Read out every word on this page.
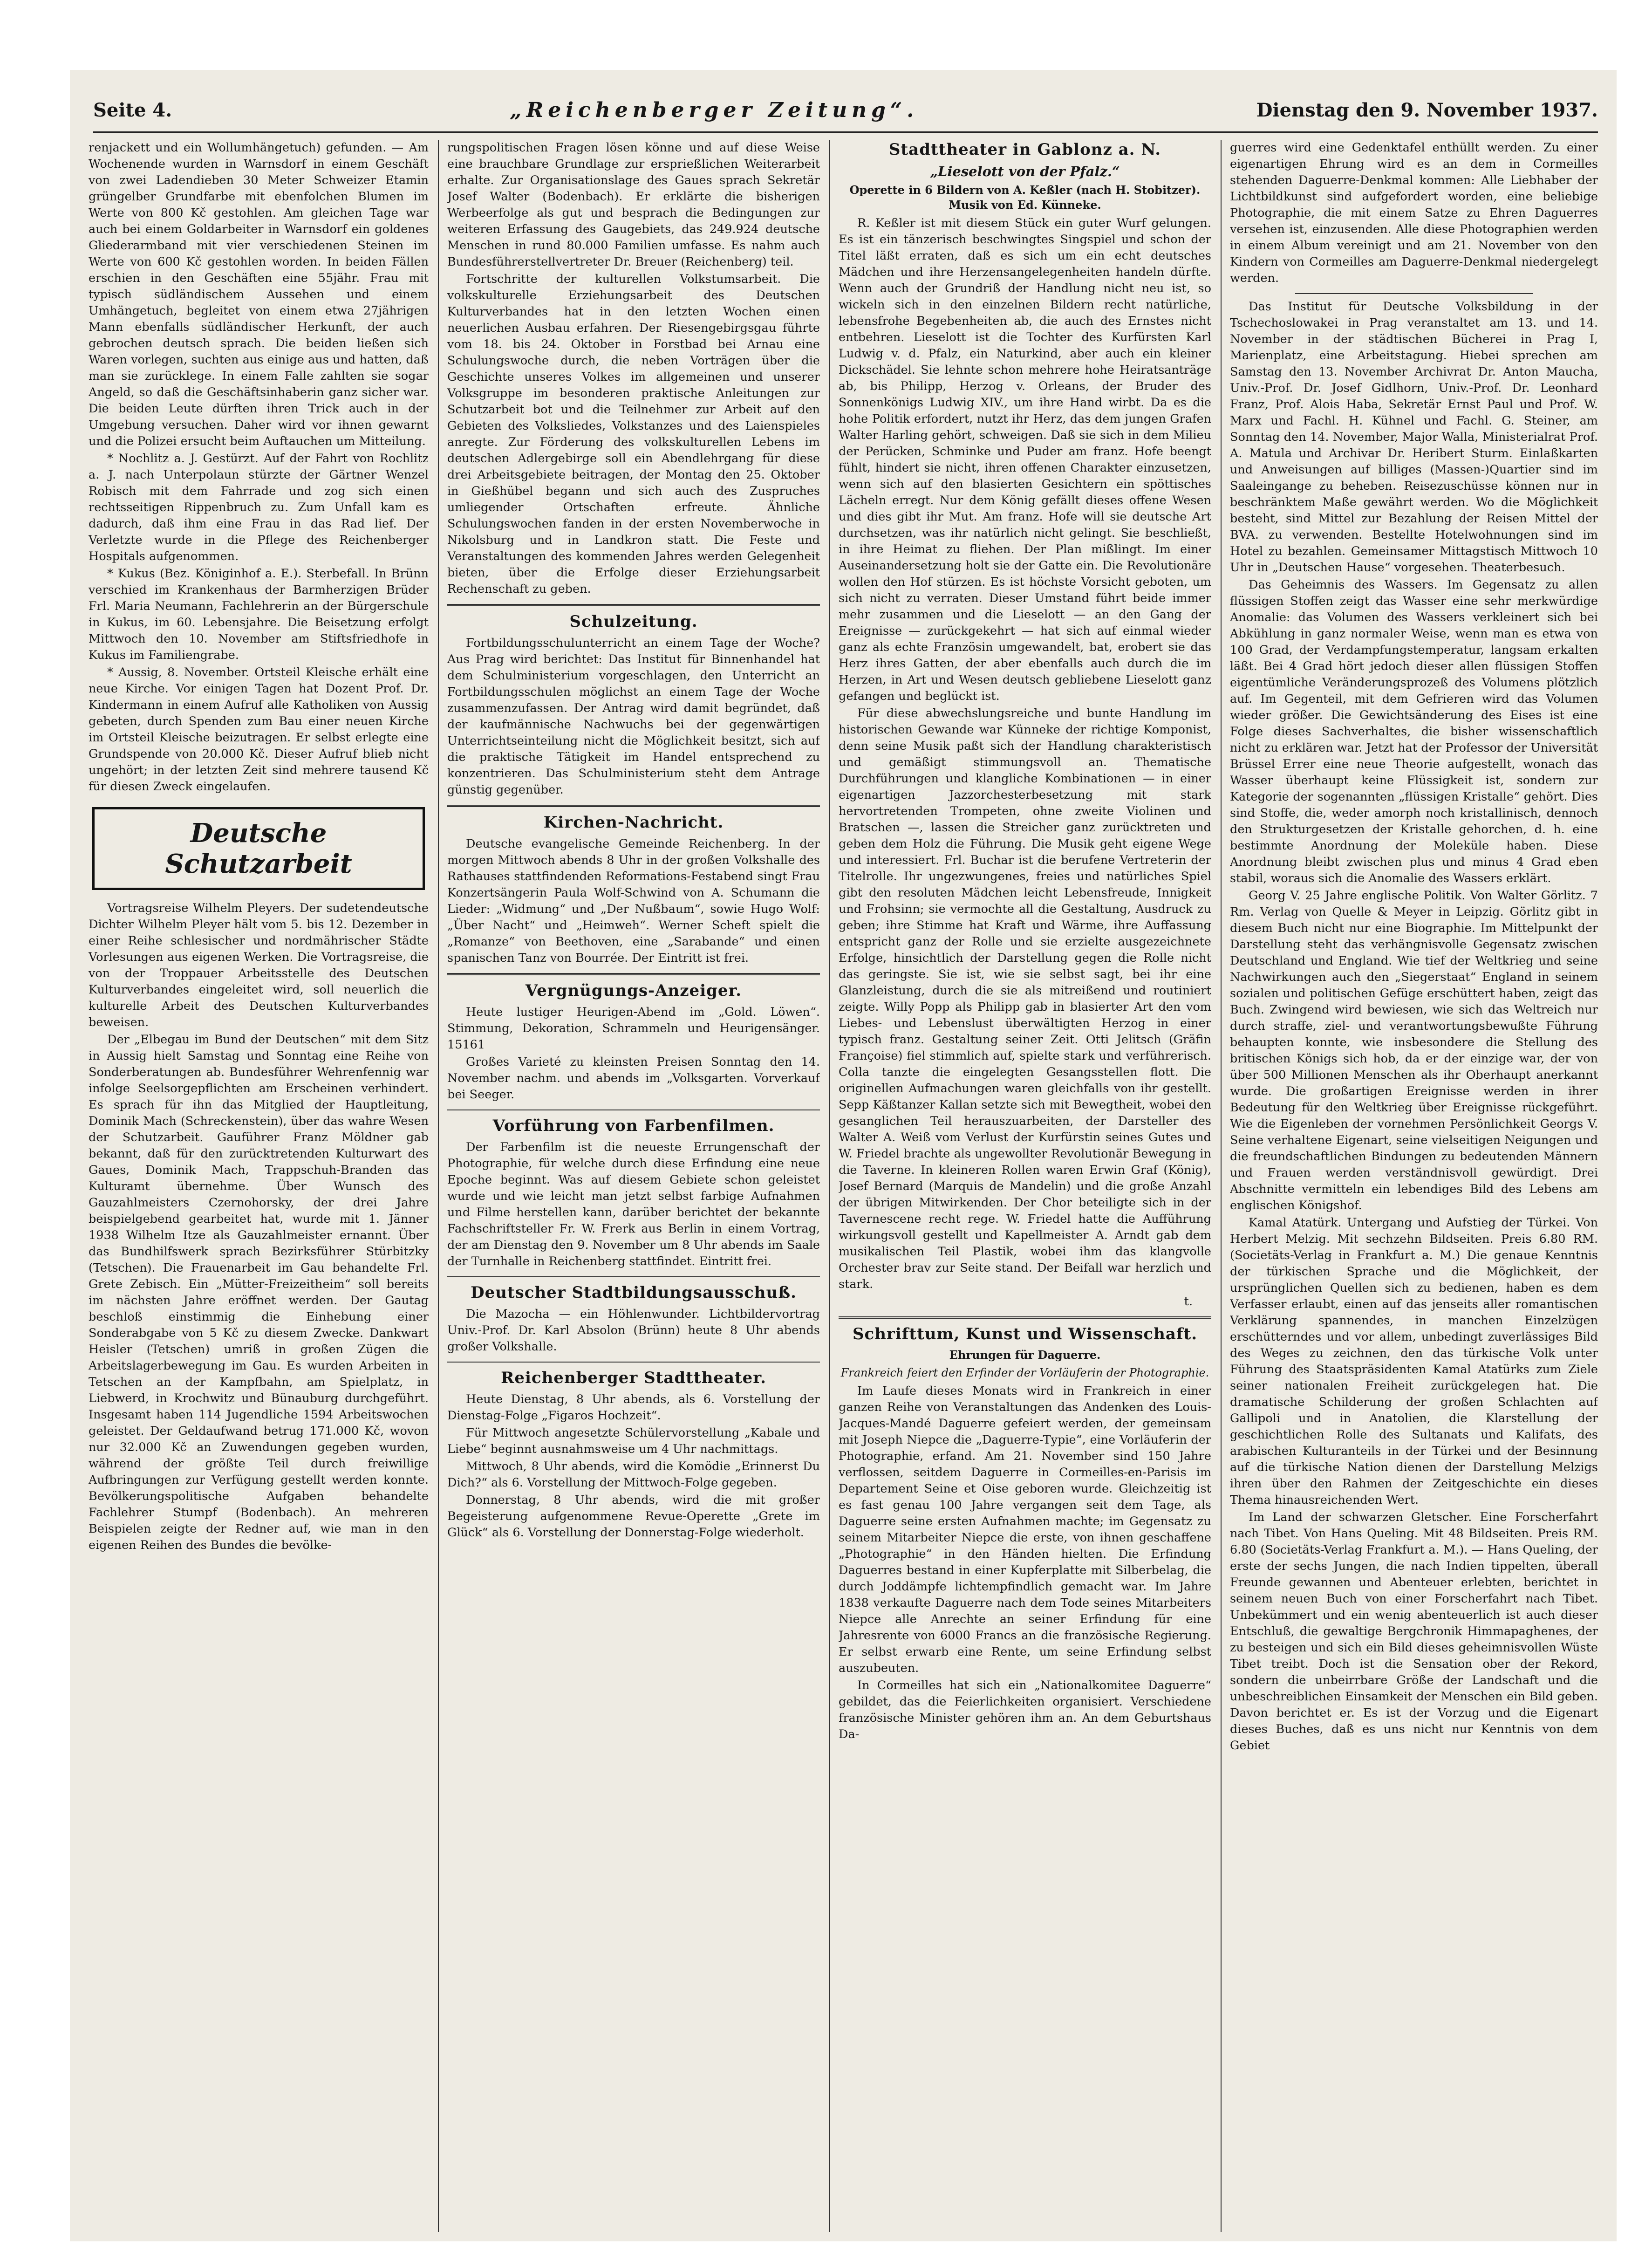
Seite 4.	„Reichenberger Zeitung“.	Dienstag den 9. November 1937.

renjackett und ein Wollumhängetuch) gefunden. — Am Wochenende wurden in Warnsdorf in einem Geschäft von zwei Ladendieben 30 Meter Schweizer Etamin grüngelber Grundfarbe mit ebenfolchen Blumen im Werte von 800 Kč gestohlen. Am gleichen Tage war auch bei einem Goldarbeiter in Warnsdorf ein goldenes Gliederarmband mit vier verschiedenen Steinen im Werte von 600 Kč gestohlen worden. In beiden Fällen erschien in den Geschäften eine 55jähr. Frau mit typisch südländischem Aussehen und einem Umhängetuch, begleitet von einem etwa 27jährigen Mann ebenfalls südländischer Herkunft, der auch gebrochen deutsch sprach. Die beiden ließen sich Waren vorlegen, suchten aus einige aus und hatten, daß man sie zurücklege. In einem Falle zahlten sie sogar Angeld, so daß die Geschäftsinhaberin ganz sicher war. Die beiden Leute dürften ihren Trick auch in der Umgebung versuchen. Daher wird vor ihnen gewarnt und die Polizei ersucht beim Auftauchen um Mitteilung.

* Nochlitz a. J. Gestürzt. Auf der Fahrt von Rochlitz a. J. nach Unterpolaun stürzte der Gärtner Wenzel Robisch mit dem Fahrrade und zog sich einen rechtsseitigen Rippenbruch zu. Zum Unfall kam es dadurch, daß ihm eine Frau in das Rad lief. Der Verletzte wurde in die Pflege des Reichenberger Hospitals aufgenommen.

* Kukus (Bez. Königinhof a. E.). Sterbefall. In Brünn verschied im Krankenhaus der Barmherzigen Brüder Frl. Maria Neumann, Fachlehrerin an der Bürgerschule in Kukus, im 60. Lebensjahre. Die Beisetzung erfolgt Mittwoch den 10. November am Stiftsfriedhofe in Kukus im Familiengrabe.

* Aussig, 8. November. Ortsteil Kleische erhält eine neue Kirche. Vor einigen Tagen hat Dozent Prof. Dr. Kindermann in einem Aufruf alle Katholiken von Aussig gebeten, durch Spenden zum Bau einer neuen Kirche im Ortsteil Kleische beizutragen. Er selbst erlegte eine Grundspende von 20.000 Kč. Dieser Aufruf blieb nicht ungehört; in der letzten Zeit sind mehrere tausend Kč für diesen Zweck eingelaufen.

Deutsche Schutzarbeit

Vortragsreise Wilhelm Pleyers. Der sudetendeutsche Dichter Wilhelm Pleyer hält vom 5. bis 12. Dezember in einer Reihe schlesischer und nordmährischer Städte Vorlesungen aus eigenen Werken. Die Vortragsreise, die von der Troppauer Arbeitsstelle des Deutschen Kulturverbandes eingeleitet wird, soll neuerlich die kulturelle Arbeit des Deutschen Kulturverbandes beweisen.

Der „Elbegau im Bund der Deutschen“ mit dem Sitz in Aussig hielt Samstag und Sonntag eine Reihe von Sonderberatungen ab. Bundesführer Wehrenfennig war infolge Seelsorgepflichten am Erscheinen verhindert. Es sprach für ihn das Mitglied der Hauptleitung, Dominik Mach (Schreckenstein), über das wahre Wesen der Schutzarbeit. Gauführer Franz Möldner gab bekannt, daß für den zurücktretenden Kulturwart des Gaues, Dominik Mach, Trappschuh-Branden das Kulturamt übernehme. Über Wunsch des Gauzahlmeisters Czernohorsky, der drei Jahre beispielgebend gearbeitet hat, wurde mit 1. Jänner 1938 Wilhelm Itze als Gauzahlmeister ernannt. Über das Bundhilfswerk sprach Bezirksführer Stürbitzky (Tetschen). Die Frauenarbeit im Gau behandelte Frl. Grete Zebisch. Ein „Mütter-Freizeitheim“ soll bereits im nächsten Jahre eröffnet werden. Der Gautag beschloß einstimmig die Einhebung einer Sonderabgabe von 5 Kč zu diesem Zwecke. Dankwart Heisler (Tetschen) umriß in großen Zügen die Arbeitslagerbewegung im Gau. Es wurden Arbeiten in Tetschen an der Kampfbahn, am Spielplatz, in Liebwerd, in Krochwitz und Bünauburg durchgeführt. Insgesamt haben 114 Jugendliche 1594 Arbeitswochen geleistet. Der Geldaufwand betrug 171.000 Kč, wovon nur 32.000 Kč an Zuwendungen gegeben wurden, während der größte Teil durch freiwillige Aufbringungen zur Verfügung gestellt werden konnte. Bevölkerungspolitische Aufgaben behandelte Fachlehrer Stumpf (Bodenbach). An mehreren Beispielen zeigte der Redner auf, wie man in den eigenen Reihen des Bundes die bevölke-

rungspolitischen Fragen lösen könne und auf diese Weise eine brauchbare Grundlage zur ersprießlichen Weiterarbeit erhalte. Zur Organisationslage des Gaues sprach Sekretär Josef Walter (Bodenbach). Er erklärte die bisherigen Werbeerfolge als gut und besprach die Bedingungen zur weiteren Erfassung des Gaugebiets, das 249.924 deutsche Menschen in rund 80.000 Familien umfasse. Es nahm auch Bundesführerstellvertreter Dr. Breuer (Reichenberg) teil.

Fortschritte der kulturellen Volkstumsarbeit. Die volkskulturelle Erziehungsarbeit des Deutschen Kulturverbandes hat in den letzten Wochen einen neuerlichen Ausbau erfahren. Der Riesengebirgsgau führte vom 18. bis 24. Oktober in Forstbad bei Arnau eine Schulungswoche durch, die neben Vorträgen über die Geschichte unseres Volkes im allgemeinen und unserer Volksgruppe im besonderen praktische Anleitungen zur Schutzarbeit bot und die Teilnehmer zur Arbeit auf den Gebieten des Volksliedes, Volkstanzes und des Laienspieles anregte. Zur Förderung des volkskulturellen Lebens im deutschen Adlergebirge soll ein Abendlehrgang für diese drei Arbeitsgebiete beitragen, der Montag den 25. Oktober in Gießhübel begann und sich auch des Zuspruches umliegender Ortschaften erfreute. Ähnliche Schulungswochen fanden in der ersten Novemberwoche in Nikolsburg und in Landkron statt. Die Feste und Veranstaltungen des kommenden Jahres werden Gelegenheit bieten, über die Erfolge dieser Erziehungsarbeit Rechenschaft zu geben.

Schulzeitung.

Fortbildungsschulunterricht an einem Tage der Woche? Aus Prag wird berichtet: Das Institut für Binnenhandel hat dem Schulministerium vorgeschlagen, den Unterricht an Fortbildungsschulen möglichst an einem Tage der Woche zusammenzufassen. Der Antrag wird damit begründet, daß der kaufmännische Nachwuchs bei der gegenwärtigen Unterrichtseinteilung nicht die Möglichkeit besitzt, sich auf die praktische Tätigkeit im Handel entsprechend zu konzentrieren. Das Schulministerium steht dem Antrage günstig gegenüber.

Kirchen-Nachricht.

Deutsche evangelische Gemeinde Reichenberg. In der morgen Mittwoch abends 8 Uhr in der großen Volkshalle des Rathauses stattfindenden Reformations-Festabend singt Frau Konzertsängerin Paula Wolf-Schwind von A. Schumann die Lieder: „Widmung“ und „Der Nußbaum“, sowie Hugo Wolf: „Über Nacht“ und „Heimweh“. Werner Scheft spielt die „Romanze“ von Beethoven, eine „Sarabande“ und einen spanischen Tanz von Bourrée. Der Eintritt ist frei.

Vergnügungs-Anzeiger.

Heute lustiger Heurigen-Abend im „Gold. Löwen“. Stimmung, Dekoration, Schrammeln und Heurigensänger. 15161

Großes Varieté zu kleinsten Preisen Sonntag den 14. November nachm. und abends im „Volksgarten. Vorverkauf bei Seeger.

Vorführung von Farbenfilmen.

Der Farbenfilm ist die neueste Errungenschaft der Photographie, für welche durch diese Erfindung eine neue Epoche beginnt. Was auf diesem Gebiete schon geleistet wurde und wie leicht man jetzt selbst farbige Aufnahmen und Filme herstellen kann, darüber berichtet der bekannte Fachschriftsteller Fr. W. Frerk aus Berlin in einem Vortrag, der am Dienstag den 9. November um 8 Uhr abends im Saale der Turnhalle in Reichenberg stattfindet. Eintritt frei.

Deutscher Stadtbildungsausschuß.

Die Mazocha — ein Höhlenwunder. Lichtbildervortrag Univ.-Prof. Dr. Karl Absolon (Brünn) heute 8 Uhr abends großer Volkshalle.

Reichenberger Stadttheater.

Heute Dienstag, 8 Uhr abends, als 6. Vorstellung der Dienstag-Folge „Figaros Hochzeit“.

Für Mittwoch angesetzte Schülervorstellung „Kabale und Liebe“ beginnt ausnahmsweise um 4 Uhr nachmittags.

Mittwoch, 8 Uhr abends, wird die Komödie „Erinnerst Du Dich?“ als 6. Vorstellung der Mittwoch-Folge gegeben.

Donnerstag, 8 Uhr abends, wird die mit großer Begeisterung aufgenommene Revue-Operette „Grete im Glück“ als 6. Vorstellung der Donnerstag-Folge wiederholt.

Stadttheater in Gablonz a. N.
„Lieselott von der Pfalz.“
Operette in 6 Bildern von A. Keßler (nach H. Stobitzer). Musik von Ed. Künneke.

R. Keßler ist mit diesem Stück ein guter Wurf gelungen. Es ist ein tänzerisch beschwingtes Singspiel und schon der Titel läßt erraten, daß es sich um ein echt deutsches Mädchen und ihre Herzensangelegenheiten handeln dürfte. Wenn auch der Grundriß der Handlung nicht neu ist, so wickeln sich in den einzelnen Bildern recht natürliche, lebensfrohe Begebenheiten ab, die auch des Ernstes nicht entbehren. Lieselott ist die Tochter des Kurfürsten Karl Ludwig v. d. Pfalz, ein Naturkind, aber auch ein kleiner Dickschädel. Sie lehnte schon mehrere hohe Heiratsanträge ab, bis Philipp, Herzog v. Orleans, der Bruder des Sonnenkönigs Ludwig XIV., um ihre Hand wirbt. Da es die hohe Politik erfordert, nutzt ihr Herz, das dem jungen Grafen Walter Harling gehört, schweigen. Daß sie sich in dem Milieu der Perücken, Schminke und Puder am franz. Hofe beengt fühlt, hindert sie nicht, ihren offenen Charakter einzusetzen, wenn sich auf den blasierten Gesichtern ein spöttisches Lächeln erregt. Nur dem König gefällt dieses offene Wesen und dies gibt ihr Mut. Am franz. Hofe will sie deutsche Art durchsetzen, was ihr natürlich nicht gelingt. Sie beschließt, in ihre Heimat zu fliehen. Der Plan mißlingt. Im einer Auseinandersetzung holt sie der Gatte ein. Die Revolutionäre wollen den Hof stürzen. Es ist höchste Vorsicht geboten, um sich nicht zu verraten. Dieser Umstand führt beide immer mehr zusammen und die Lieselott — an den Gang der Ereignisse — zurückgekehrt — hat sich auf einmal wieder ganz als echte Französin umgewandelt, bat, erobert sie das Herz ihres Gatten, der aber ebenfalls auch durch die im Herzen, in Art und Wesen deutsch gebliebene Lieselott ganz gefangen und beglückt ist.

Für diese abwechslungsreiche und bunte Handlung im historischen Gewande war Künneke der richtige Komponist, denn seine Musik paßt sich der Handlung charakteristisch und gemäßigt stimmungsvoll an. Thematische Durchführungen und klangliche Kombinationen — in einer eigenartigen Jazzorchesterbesetzung mit stark hervortretenden Trompeten, ohne zweite Violinen und Bratschen —, lassen die Streicher ganz zurücktreten und geben dem Holz die Führung. Die Musik geht eigene Wege und interessiert. Frl. Buchar ist die berufene Vertreterin der Titelrolle. Ihr ungezwungenes, freies und natürliches Spiel gibt den resoluten Mädchen leicht Lebensfreude, Innigkeit und Frohsinn; sie vermochte all die Gestaltung, Ausdruck zu geben; ihre Stimme hat Kraft und Wärme, ihre Auffassung entspricht ganz der Rolle und sie erzielte ausgezeichnete Erfolge, hinsichtlich der Darstellung gegen die Rolle nicht das geringste. Sie ist, wie sie selbst sagt, bei ihr eine Glanzleistung, durch die sie als mitreißend und routiniert zeigte. Willy Popp als Philipp gab in blasierter Art den vom Liebes- und Lebenslust überwältigten Herzog in einer typisch franz. Gestaltung seiner Zeit. Otti Jelitsch (Gräfin Françoise) fiel stimmlich auf, spielte stark und verführerisch. Colla tanzte die eingelegten Gesangsstellen flott. Die originellen Aufmachungen waren gleichfalls von ihr gestellt. Sepp Käßtanzer Kallan setzte sich mit Bewegtheit, wobei den gesanglichen Teil herauszuarbeiten, der Darsteller des Walter A. Weiß vom Verlust der Kurfürstin seines Gutes und W. Friedel brachte als ungewollter Revolutionär Bewegung in die Taverne. In kleineren Rollen waren Erwin Graf (König), Josef Bernard (Marquis de Mandelin) und die große Anzahl der übrigen Mitwirkenden. Der Chor beteiligte sich in der Tavernescene recht rege. W. Friedel hatte die Aufführung wirkungsvoll gestellt und Kapellmeister A. Arndt gab dem musikalischen Teil Plastik, wobei ihm das klangvolle Orchester brav zur Seite stand. Der Beifall war herzlich und stark.

t.
Schrifttum, Kunst und Wissenschaft.
Ehrungen für Daguerre.
Frankreich feiert den Erfinder der Vorläuferin der Photographie.

Im Laufe dieses Monats wird in Frankreich in einer ganzen Reihe von Veranstaltungen das Andenken des Louis-Jacques-Mandé Daguerre gefeiert werden, der gemeinsam mit Joseph Niepce die „Daguerre-Typie“, eine Vorläuferin der Photographie, erfand. Am 21. November sind 150 Jahre verflossen, seitdem Daguerre in Cormeilles-en-Parisis im Departement Seine et Oise geboren wurde. Gleichzeitig ist es fast genau 100 Jahre vergangen seit dem Tage, als Daguerre seine ersten Aufnahmen machte; im Gegensatz zu seinem Mitarbeiter Niepce die erste, von ihnen geschaffene „Photographie“ in den Händen hielten. Die Erfindung Daguerres bestand in einer Kupferplatte mit Silberbelag, die durch Joddämpfe lichtempfindlich gemacht war. Im Jahre 1838 verkaufte Daguerre nach dem Tode seines Mitarbeiters Niepce alle Anrechte an seiner Erfindung für eine Jahresrente von 6000 Francs an die französische Regierung. Er selbst erwarb eine Rente, um seine Erfindung selbst auszubeuten.

In Cormeilles hat sich ein „Nationalkomitee Daguerre“ gebildet, das die Feierlichkeiten organisiert. Verschiedene französische Minister gehören ihm an. An dem Geburtshaus Da-

guerres wird eine Gedenktafel enthüllt werden. Zu einer eigenartigen Ehrung wird es an dem in Cormeilles stehenden Daguerre-Denkmal kommen: Alle Liebhaber der Lichtbildkunst sind aufgefordert worden, eine beliebige Photographie, die mit einem Satze zu Ehren Daguerres versehen ist, einzusenden. Alle diese Photographien werden in einem Album vereinigt und am 21. November von den Kindern von Cormeilles am Daguerre-Denkmal niedergelegt werden.

Das Institut für Deutsche Volksbildung in der Tschechoslowakei in Prag veranstaltet am 13. und 14. November in der städtischen Bücherei in Prag I, Marienplatz, eine Arbeitstagung. Hiebei sprechen am Samstag den 13. November Archivrat Dr. Anton Maucha, Univ.-Prof. Dr. Josef Gidlhorn, Univ.-Prof. Dr. Leonhard Franz, Prof. Alois Haba, Sekretär Ernst Paul und Prof. W. Marx und Fachl. H. Kühnel und Fachl. G. Steiner, am Sonntag den 14. November, Major Walla, Ministerialrat Prof. A. Matula und Archivar Dr. Heribert Sturm. Einlaßkarten und Anweisungen auf billiges (Massen-)Quartier sind im Saaleingange zu beheben. Reisezuschüsse können nur in beschränktem Maße gewährt werden. Wo die Möglichkeit besteht, sind Mittel zur Bezahlung der Reisen Mittel der BVA. zu verwenden. Bestellte Hotelwohnungen sind im Hotel zu bezahlen. Gemeinsamer Mittagstisch Mittwoch 10 Uhr in „Deutschen Hause“ vorgesehen. Theaterbesuch.

Das Geheimnis des Wassers. Im Gegensatz zu allen flüssigen Stoffen zeigt das Wasser eine sehr merkwürdige Anomalie: das Volumen des Wassers verkleinert sich bei Abkühlung in ganz normaler Weise, wenn man es etwa von 100 Grad, der Verdampfungstemperatur, langsam erkalten läßt. Bei 4 Grad hört jedoch dieser allen flüssigen Stoffen eigentümliche Veränderungsprozeß des Volumens plötzlich auf. Im Gegenteil, mit dem Gefrieren wird das Volumen wieder größer. Die Gewichtsänderung des Eises ist eine Folge dieses Sachverhaltes, die bisher wissenschaftlich nicht zu erklären war. Jetzt hat der Professor der Universität Brüssel Errer eine neue Theorie aufgestellt, wonach das Wasser überhaupt keine Flüssigkeit ist, sondern zur Kategorie der sogenannten „flüssigen Kristalle“ gehört. Dies sind Stoffe, die, weder amorph noch kristallinisch, dennoch den Strukturgesetzen der Kristalle gehorchen, d. h. eine bestimmte Anordnung der Moleküle haben. Diese Anordnung bleibt zwischen plus und minus 4 Grad eben stabil, woraus sich die Anomalie des Wassers erklärt.

Georg V. 25 Jahre englische Politik. Von Walter Görlitz. 7 Rm. Verlag von Quelle & Meyer in Leipzig. Görlitz gibt in diesem Buch nicht nur eine Biographie. Im Mittelpunkt der Darstellung steht das verhängnisvolle Gegensatz zwischen Deutschland und England. Wie tief der Weltkrieg und seine Nachwirkungen auch den „Siegerstaat“ England in seinem sozialen und politischen Gefüge erschüttert haben, zeigt das Buch. Zwingend wird bewiesen, wie sich das Weltreich nur durch straffe, ziel- und verantwortungsbewußte Führung behaupten konnte, wie insbesondere die Stellung des britischen Königs sich hob, da er der einzige war, der von über 500 Millionen Menschen als ihr Oberhaupt anerkannt wurde. Die großartigen Ereignisse werden in ihrer Bedeutung für den Weltkrieg über Ereignisse rückgeführt. Wie die Eigenleben der vornehmen Persönlichkeit Georgs V. Seine verhaltene Eigenart, seine vielseitigen Neigungen und die freundschaftlichen Bindungen zu bedeutenden Männern und Frauen werden verständnisvoll gewürdigt. Drei Abschnitte vermitteln ein lebendiges Bild des Lebens am englischen Königshof.

Kamal Atatürk. Untergang und Aufstieg der Türkei. Von Herbert Melzig. Mit sechzehn Bildseiten. Preis 6.80 RM. (Societäts-Verlag in Frankfurt a. M.) Die genaue Kenntnis der türkischen Sprache und die Möglichkeit, der ursprünglichen Quellen sich zu bedienen, haben es dem Verfasser erlaubt, einen auf das jenseits aller romantischen Verklärung spannendes, in manchen Einzelzügen erschütterndes und vor allem, unbedingt zuverlässiges Bild des Weges zu zeichnen, den das türkische Volk unter Führung des Staatspräsidenten Kamal Atatürks zum Ziele seiner nationalen Freiheit zurückgelegen hat. Die dramatische Schilderung der großen Schlachten auf Gallipoli und in Anatolien, die Klarstellung der geschichtlichen Rolle des Sultanats und Kalifats, des arabischen Kulturanteils in der Türkei und der Besinnung auf die türkische Nation dienen der Darstellung Melzigs ihren über den Rahmen der Zeitgeschichte ein dieses Thema hinausreichenden Wert.

Im Land der schwarzen Gletscher. Eine Forscherfahrt nach Tibet. Von Hans Queling. Mit 48 Bildseiten. Preis RM. 6.80 (Societäts-Verlag Frankfurt a. M.). — Hans Queling, der erste der sechs Jungen, die nach Indien tippelten, überall Freunde gewannen und Abenteuer erlebten, berichtet in seinem neuen Buch von einer Forscherfahrt nach Tibet. Unbekümmert und ein wenig abenteuerlich ist auch dieser Entschluß, die gewaltige Bergchronik Himmapaghenes, der zu besteigen und sich ein Bild dieses geheimnisvollen Wüste Tibet treibt. Doch ist die Sensation ober der Rekord, sondern die unbeirrbare Größe der Landschaft und die unbeschreiblichen Einsamkeit der Menschen ein Bild geben. Davon berichtet er. Es ist der Vorzug und die Eigenart dieses Buches, daß es uns nicht nur Kenntnis von dem Gebiet
